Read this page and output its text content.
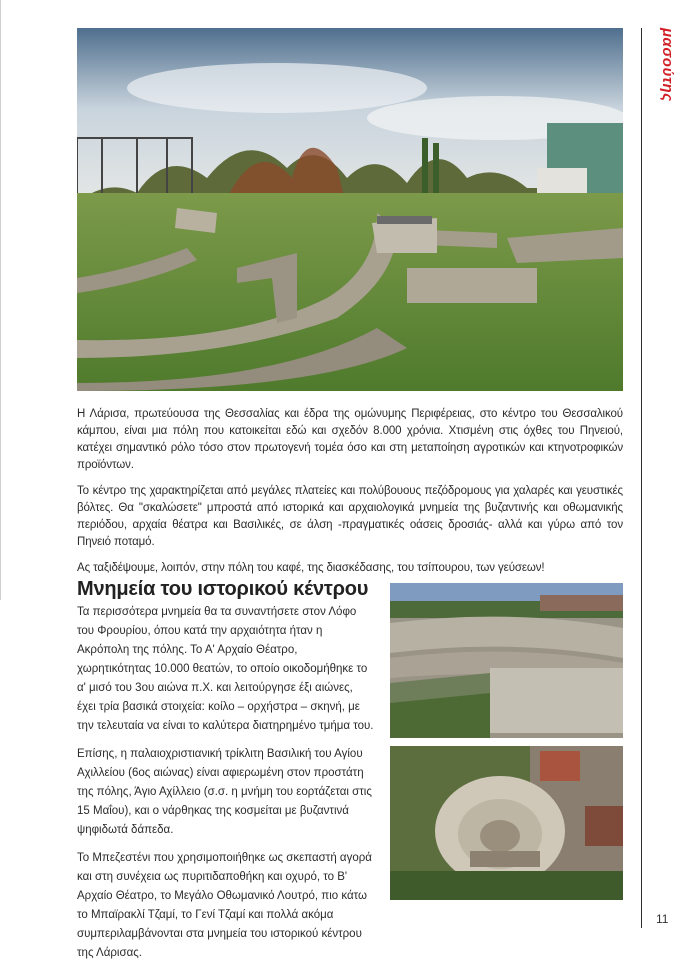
μασούτης

Η Λάρισα, πρωτεύουσα της Θεσσαλίας και έδρα της ομώνυμης Περιφέρειας, στο κέντρο του Θεσσαλικού κάμπου, είναι μια πόλη που κατοικείται εδώ και σχεδόν 8.000 χρόνια. Χτισμένη στις όχθες του Πηνειού, κατέχει σημαντικό ρόλο τόσο στον πρωτογενή τομέα όσο και στη μεταποίηση αγροτικών και κτηνοτροφικών προϊόντων.

Το κέντρο της χαρακτηρίζεται από μεγάλες πλατείες και πολύβουους πεζόδρομους για χαλαρές και γευστικές βόλτες. Θα "σκαλώσετε" μπροστά από ιστορικά και αρχαιολογικά μνημεία της βυζαντινής και οθωμανικής περιόδου, αρχαία θέατρα και Βασιλικές, σε άλση -πραγματικές οάσεις δροσιάς- αλλά και γύρω από τον Πηνειό ποταμό.

Ας ταξιδέψουμε, λοιπόν, στην πόλη του καφέ, της διασκέδασης, του τσίπουρου, των γεύσεων!

Μνημεία του ιστορικού κέντρου

Τα περισσότερα μνημεία θα τα συναντήσετε στον Λόφο του Φρουρίου, όπου κατά την αρχαιότητα ήταν η Ακρόπολη της πόλης. Το Α' Αρχαίο Θέατρο, χωρητικότητας 10.000 θεατών, το οποίο οικοδομήθηκε το α' μισό του 3ου αιώνα π.Χ. και λειτούργησε έξι αιώνες, έχει τρία βασικά στοιχεία: κοίλο – ορχήστρα – σκηνή, με την τελευταία να είναι το καλύτερα διατηρημένο τμήμα του.

Επίσης, η παλαιοχριστιανική τρίκλιτη Βασιλική του Αγίου Αχιλλείου (6ος αιώνας) είναι αφιερωμένη στον προστάτη της πόλης, Άγιο Αχίλλειο (σ.σ. η μνήμη του εορτάζεται στις 15 Μαΐου), και ο νάρθηκας της κοσμείται με βυζαντινά ψηφιδωτά δάπεδα.

Το Μπεζεστένι που χρησιμοποιήθηκε ως σκεπαστή αγορά και στη συνέχεια ως πυριτιδαποθήκη και οχυρό, το Β' Αρχαίο Θέατρο, το Μεγάλο Οθωμανικό Λουτρό, πιο κάτω το Μπαϊρακλί Τζαμί, το Γενί Τζαμί και πολλά ακόμα συμπεριλαμβάνονται στα μνημεία του ιστορικού κέντρου της Λάρισας.

11
